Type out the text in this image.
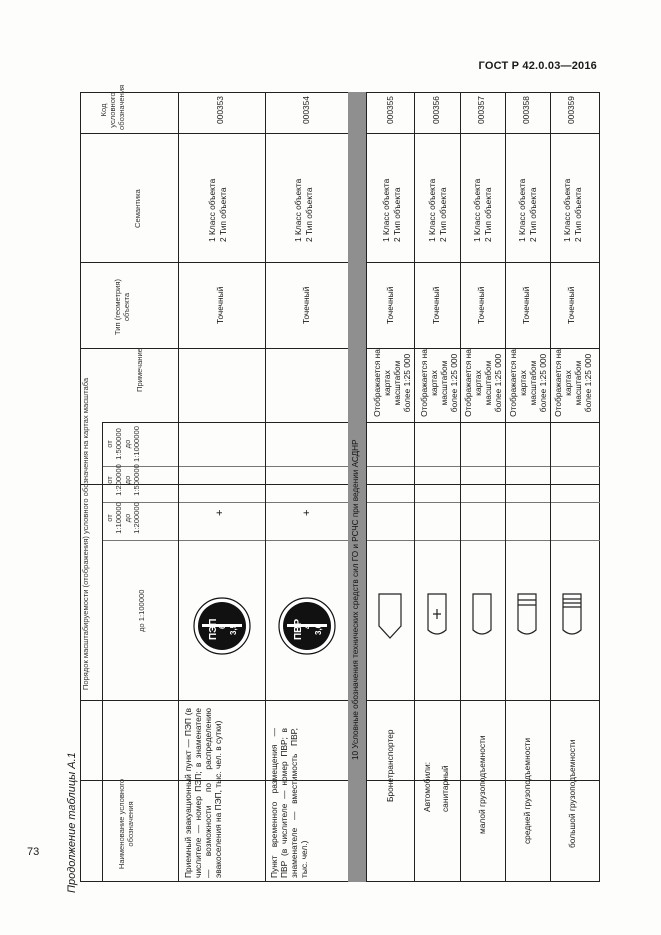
ГОСТ Р 42.0.03—2016
73 Продолжение таблицы А.1
10 Условные обозначения технических средств сил ГО и РСЧС при ведении АСДНР
Наименование условного обозначения
Порядок масштабируемости (отображения) условного обозначения на картах масштаба	до 1:100000
от 1:100000 до 1:200000
от 1:200000 до 1:500000
от 1:500000 до 1:1000000
Примечание
Тип (геометрия) объекта
Семантика
Код условного обозначения
Приемный эвакуационный пункт — ПЭП (в числителе — номер ПЭП; в знаменателе — возможности по распределению эвакоселения на ПЭП, тыс. чел. в сутки)
ПЭП 6 3,5
+
Точечный
1 Класс объекта 2 Тип объекта
000353
Пункт временного размещения — ПВР (в числителе — номер ПВР; в знаменателе — вместимость ПВР, тыс. чел.)
ПВР 4 3,6
+
Точечный
1 Класс объекта 2 Тип объекта
000354
Бронетранспортер
Отображается на картах масштабом более 1:25 000
Точечный
1 Класс объекта 2 Тип объекта
000355
Автомобили: санитарный
Отображается на картах масштабом более 1:25 000
Точечный
1 Класс объекта 2 Тип объекта
000356
малой грузоподъемности
Отображается на картах масштабом более 1:25 000
Точечный
1 Класс объекта 2 Тип объекта
000357
средней грузоподъемности
Отображается на картах масштабом более 1:25 000
Точечный
1 Класс объекта 2 Тип объекта
000358
большой грузоподъемности
Отображается на картах масштабом более 1:25 000
Точечный
1 Класс объекта 2 Тип объекта
000359
